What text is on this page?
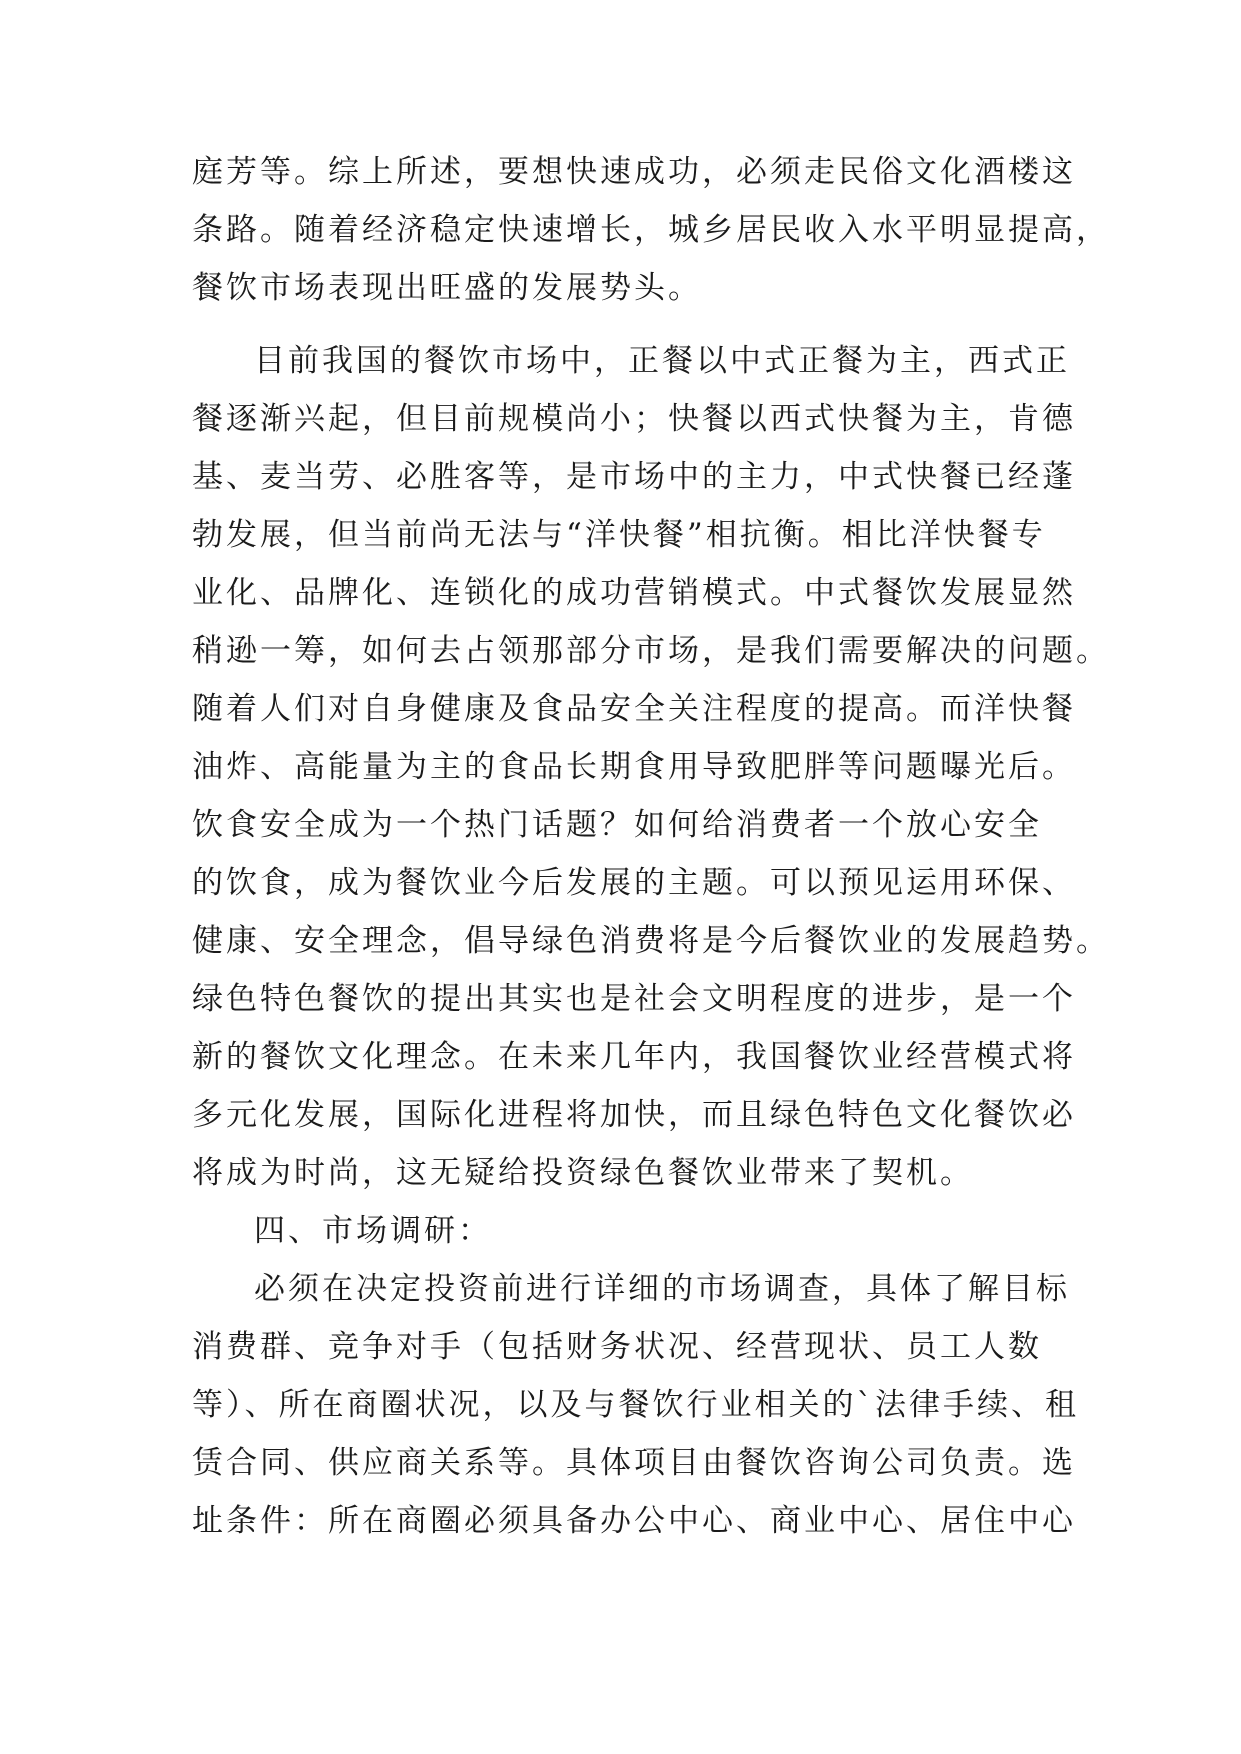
庭芳等。综上所述，要想快速成功，必须走民俗文化酒楼这
条路。随着经济稳定快速增长，城乡居民收入水平明显提高，
餐饮市场表现出旺盛的发展势头。
目前我国的餐饮市场中，正餐以中式正餐为主，西式正
餐逐渐兴起，但目前规模尚小；快餐以西式快餐为主，肯德
基、麦当劳、必胜客等，是市场中的主力，中式快餐已经蓬
勃发展，但当前尚无法与“洋快餐”相抗衡。相比洋快餐专
业化、品牌化、连锁化的成功营销模式。中式餐饮发展显然
稍逊一筹，如何去占领那部分市场，是我们需要解决的问题。
随着人们对自身健康及食品安全关注程度的提高。而洋快餐
油炸、高能量为主的食品长期食用导致肥胖等问题曝光后。
饮食安全成为一个热门话题？如何给消费者一个放心安全
的饮食，成为餐饮业今后发展的主题。可以预见运用环保、
健康、安全理念，倡导绿色消费将是今后餐饮业的发展趋势。
绿色特色餐饮的提出其实也是社会文明程度的进步，是一个
新的餐饮文化理念。在未来几年内，我国餐饮业经营模式将
多元化发展，国际化进程将加快，而且绿色特色文化餐饮必
将成为时尚，这无疑给投资绿色餐饮业带来了契机。
四、市场调研：
必须在决定投资前进行详细的市场调查，具体了解目标
消费群、竞争对手（包括财务状况、经营现状、员工人数
等）、所在商圈状况，以及与餐饮行业相关的`法律手续、租
赁合同、供应商关系等。具体项目由餐饮咨询公司负责。选
址条件：所在商圈必须具备办公中心、商业中心、居住中心
